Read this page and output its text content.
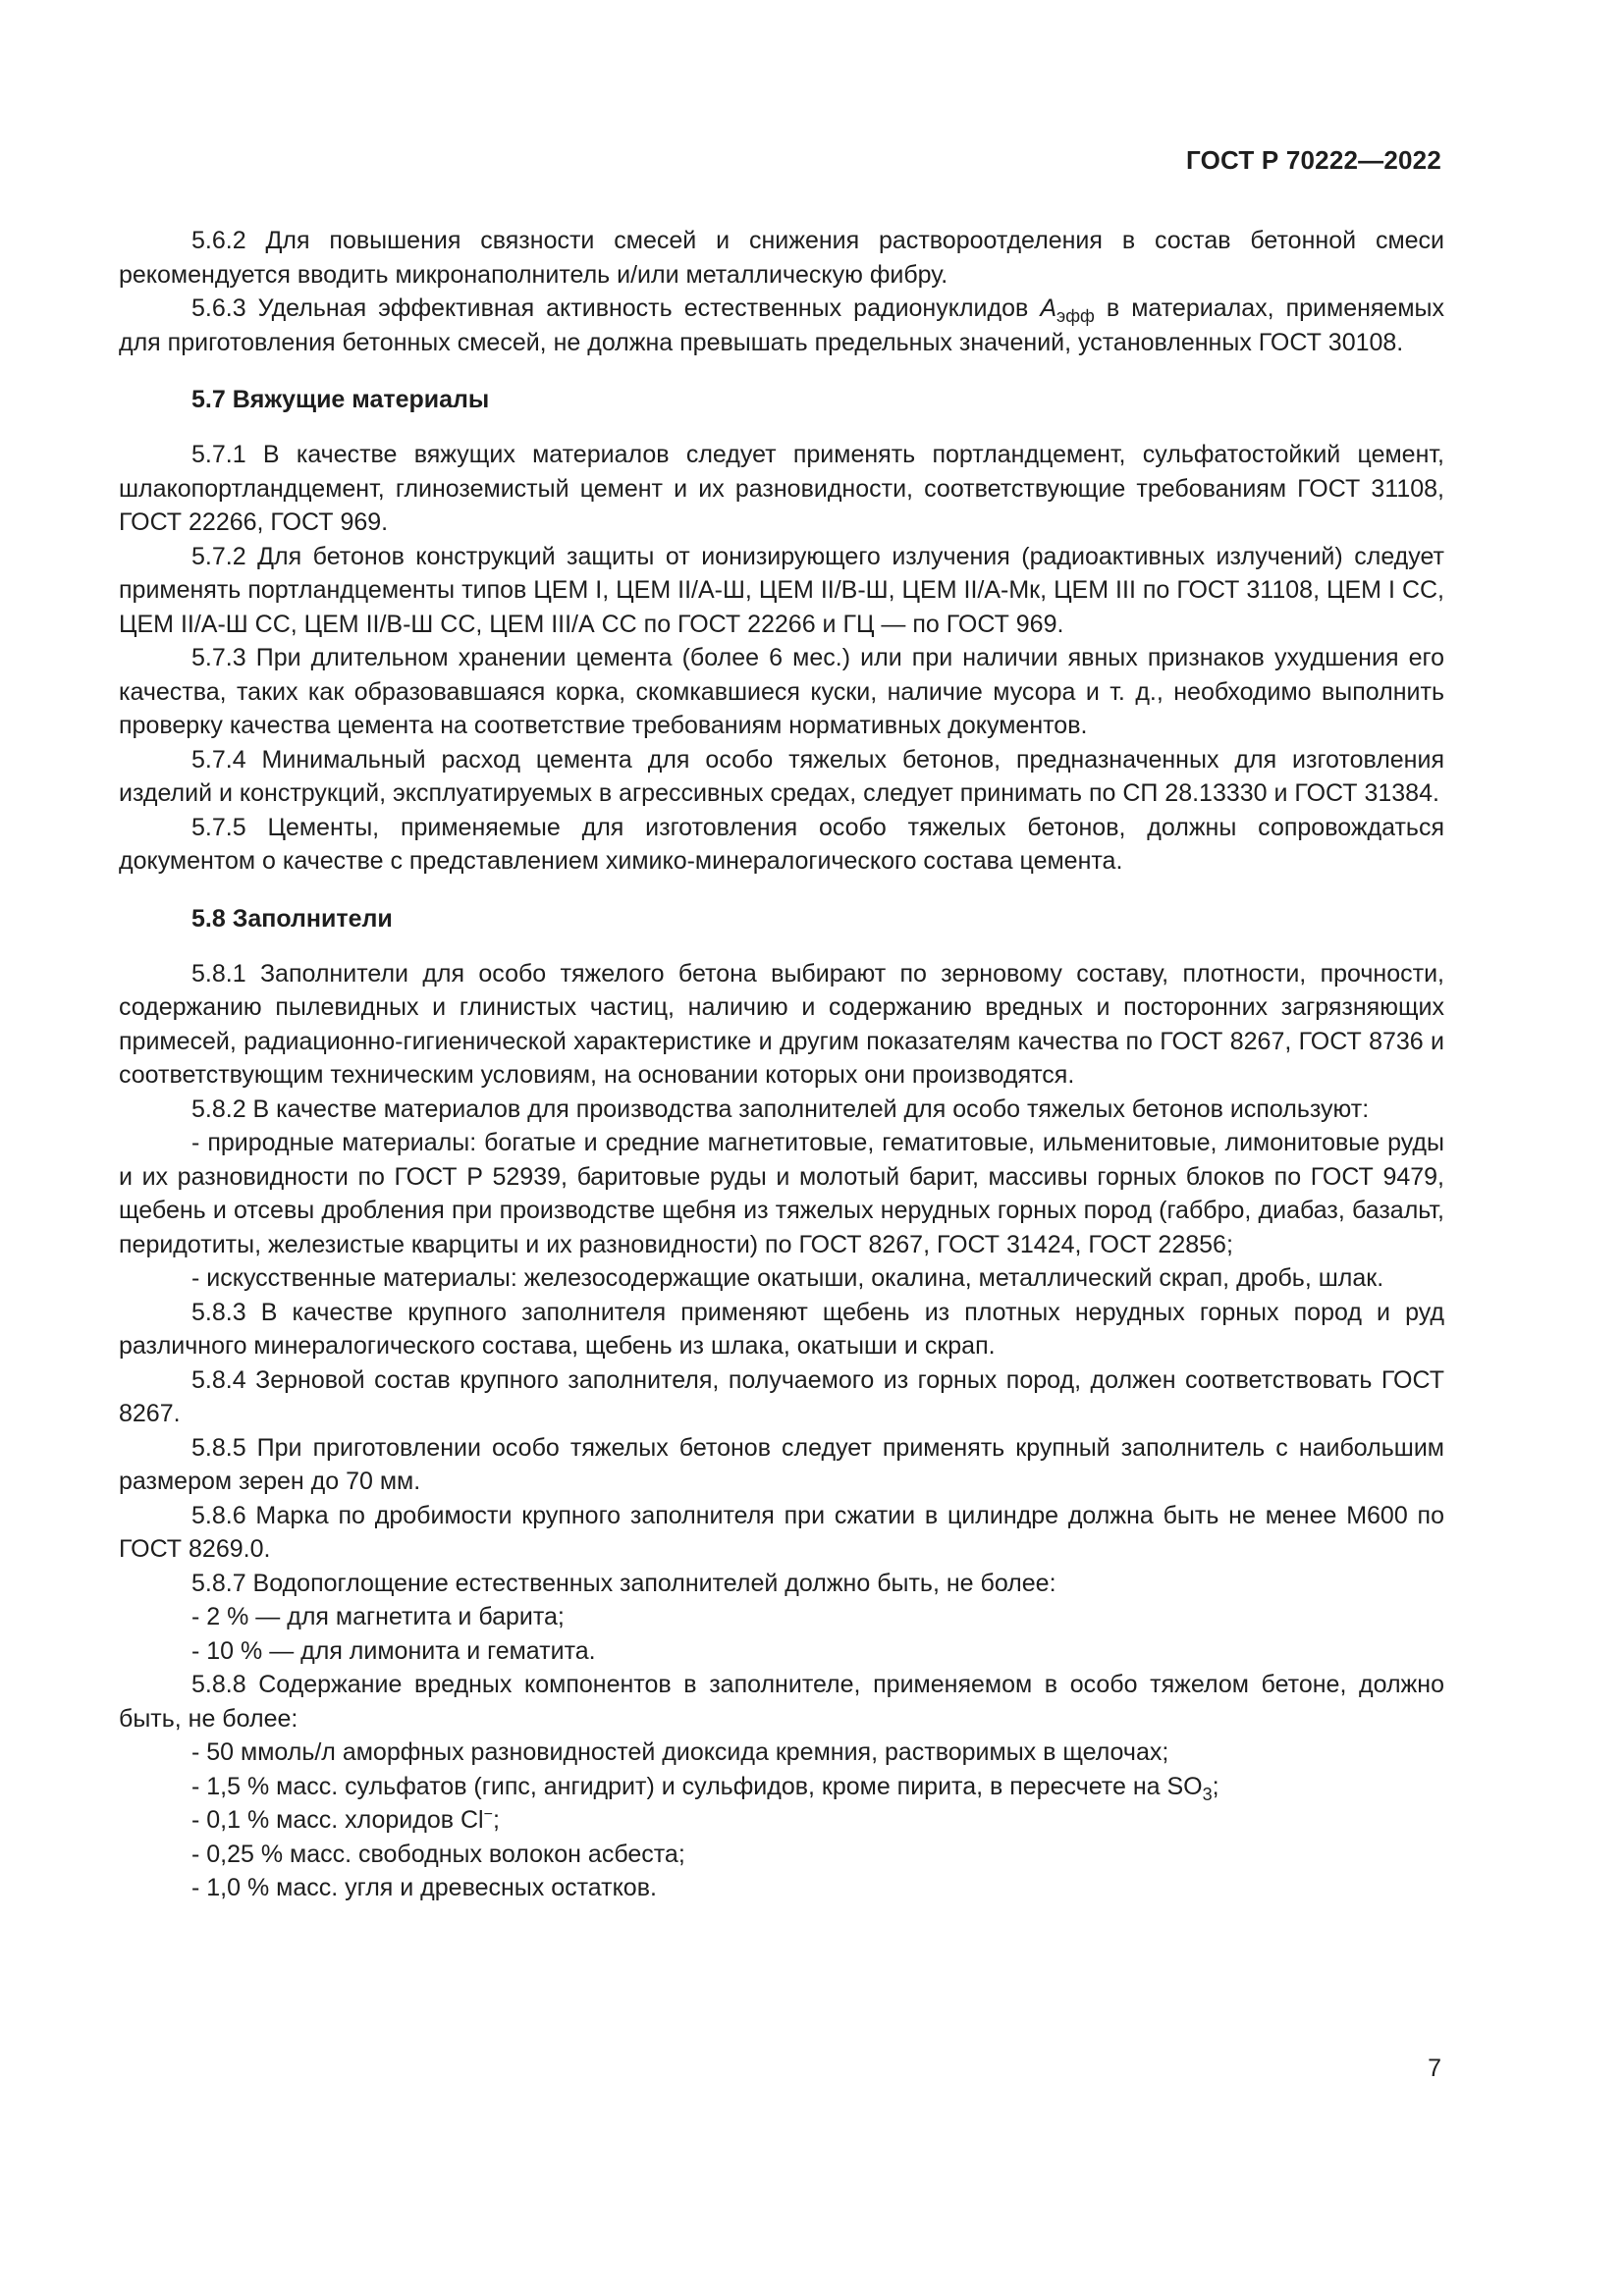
ГОСТ Р 70222—2022

5.6.2 Для повышения связности смесей и снижения раствороотделения в состав бетонной смеси рекомендуется вводить микронаполнитель и/или металлическую фибру.

5.6.3 Удельная эффективная активность естественных радионуклидов $A_{эфф}$ в материалах, применяемых для приготовления бетонных смесей, не должна превышать предельных значений, установленных ГОСТ 30108.

5.7 Вяжущие материалы

5.7.1 В качестве вяжущих материалов следует применять портландцемент, сульфатостойкий цемент, шлакопортландцемент, глиноземистый цемент и их разновидности, соответствующие требованиям ГОСТ 31108, ГОСТ 22266, ГОСТ 969.

5.7.2 Для бетонов конструкций защиты от ионизирующего излучения (радиоактивных излучений) следует применять портландцементы типов ЦЕМ I, ЦЕМ II/А-Ш, ЦЕМ II/В-Ш, ЦЕМ II/А-Мк, ЦЕМ III по ГОСТ 31108, ЦЕМ I СС, ЦЕМ II/А-Ш СС, ЦЕМ II/В-Ш СС, ЦЕМ III/А СС по ГОСТ 22266 и ГЦ — по ГОСТ 969.

5.7.3 При длительном хранении цемента (более 6 мес.) или при наличии явных признаков ухудшения его качества, таких как образовавшаяся корка, скомкавшиеся куски, наличие мусора и т. д., необходимо выполнить проверку качества цемента на соответствие требованиям нормативных документов.

5.7.4 Минимальный расход цемента для особо тяжелых бетонов, предназначенных для изготовления изделий и конструкций, эксплуатируемых в агрессивных средах, следует принимать по СП 28.13330 и ГОСТ 31384.

5.7.5 Цементы, применяемые для изготовления особо тяжелых бетонов, должны сопровождаться документом о качестве с представлением химико-минералогического состава цемента.

5.8 Заполнители

5.8.1 Заполнители для особо тяжелого бетона выбирают по зерновому составу, плотности, прочности, содержанию пылевидных и глинистых частиц, наличию и содержанию вредных и посторонних загрязняющих примесей, радиационно-гигиенической характеристике и другим показателям качества по ГОСТ 8267, ГОСТ 8736 и соответствующим техническим условиям, на основании которых они производятся.

5.8.2 В качестве материалов для производства заполнителей для особо тяжелых бетонов используют:

- природные материалы: богатые и средние магнетитовые, гематитовые, ильменитовые, лимонитовые руды и их разновидности по ГОСТ Р 52939, баритовые руды и молотый барит, массивы горных блоков по ГОСТ 9479, щебень и отсевы дробления при производстве щебня из тяжелых нерудных горных пород (габбро, диабаз, базальт, перидотиты, железистые кварциты и их разновидности) по ГОСТ 8267, ГОСТ 31424, ГОСТ 22856;

- искусственные материалы: железосодержащие окатыши, окалина, металлический скрап, дробь, шлак.

5.8.3 В качестве крупного заполнителя применяют щебень из плотных нерудных горных пород и руд различного минералогического состава, щебень из шлака, окатыши и скрап.

5.8.4 Зерновой состав крупного заполнителя, получаемого из горных пород, должен соответствовать ГОСТ 8267.

5.8.5 При приготовлении особо тяжелых бетонов следует применять крупный заполнитель с наибольшим размером зерен до 70 мм.

5.8.6 Марка по дробимости крупного заполнителя при сжатии в цилиндре должна быть не менее М600 по ГОСТ 8269.0.

5.8.7 Водопоглощение естественных заполнителей должно быть, не более:

- 2 % — для магнетита и барита;

- 10 % — для лимонита и гематита.

5.8.8 Содержание вредных компонентов в заполнителе, применяемом в особо тяжелом бетоне, должно быть, не более:

- 50 ммоль/л аморфных разновидностей диоксида кремния, растворимых в щелочах;

- 1,5 % масс. сульфатов (гипс, ангидрит) и сульфидов, кроме пирита, в пересчете на $SO_3$;

- 0,1 % масс. хлоридов Cl−;

- 0,25 % масс. свободных волокон асбеста;

- 1,0 % масс. угля и древесных остатков.

7
